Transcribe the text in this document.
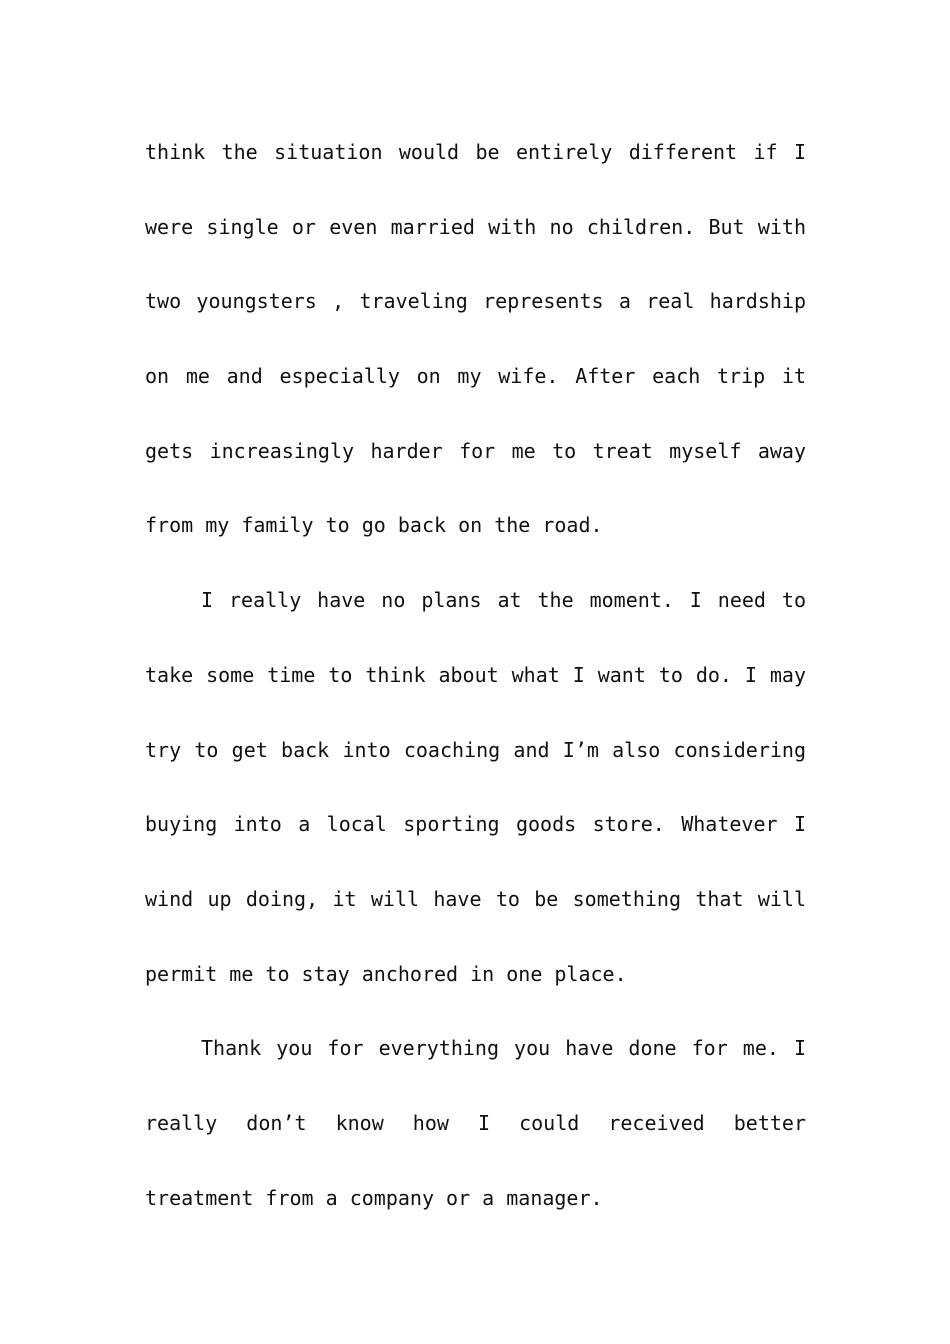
think the situation would be entirely different if I
were single or even married with no children. But with
two youngsters , traveling represents a real hardship
on me and especially on my wife. After each trip it
gets increasingly harder for me to treat myself away
from my family to go back on the road.
I really have no plans at the moment. I need to
take some time to think about what I want to do. I may
try to get back into coaching and I’m also considering
buying into a local sporting goods store. Whatever I
wind up doing, it will have to be something that will
permit me to stay anchored in one place.
Thank you for everything you have done for me. I
really don’t know how I could received better
treatment from a company or a manager.
